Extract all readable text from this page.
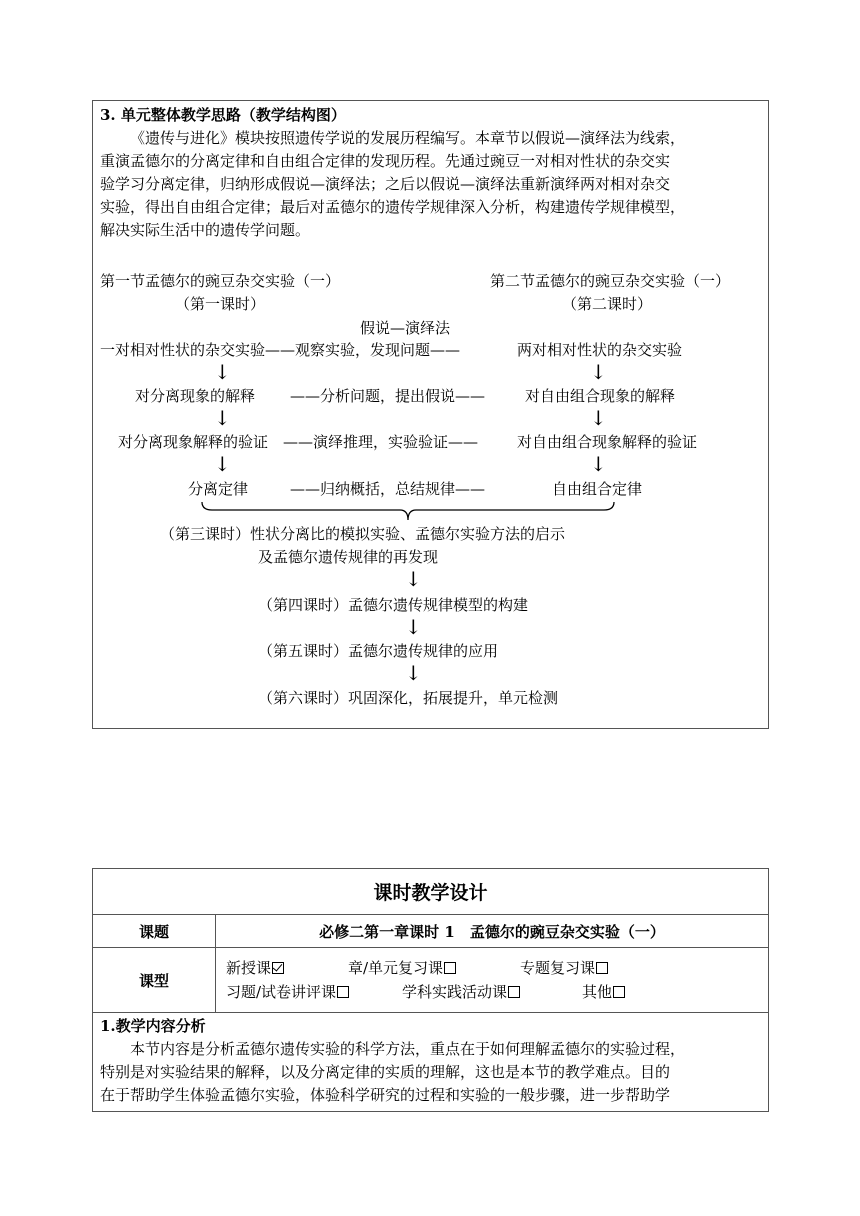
3. 单元整体教学思路（教学结构图）
《遗传与进化》模块按照遗传学说的发展历程编写。本章节以假说—演绎法为线索，
重演孟德尔的分离定律和自由组合定律的发现历程。先通过豌豆一对相对性状的杂交实
验学习分离定律，归纳形成假说—演绎法；之后以假说—演绎法重新演绎两对相对杂交
实验，得出自由组合定律；最后对孟德尔的遗传学规律深入分析，构建遗传学规律模型，
解决实际生活中的遗传学问题。
第一节孟德尔的豌豆杂交实验（一）
（第一课时）
第二节孟德尔的豌豆杂交实验（一）
（第二课时）
假说—演绎法
一对相对性状的杂交实验 ——观察实验，发现问题——	两对相对性状的杂交实验
↓	↓
对分离现象的解释 ——分析问题，提出假说——	对自由组合现象的解释
↓	↓
对分离现象解释的验证 ——演绎推理，实验验证——	对自由组合现象解释的验证
↓	↓
分离定律	——归纳概括，总结规律——	自由组合定律
（第三课时）性状分离比的模拟实验、孟德尔实验方法的启示
及孟德尔遗传规律的再发现
↓
（第四课时）孟德尔遗传规律模型的构建
↓
（第五课时）孟德尔遗传规律的应用
↓
（第六课时）巩固深化，拓展提升，单元检测
课时教学设计	
课题	必修二第一章课时 1　孟德尔的豌豆杂交实验（一）
课型	新授课 章/单元复习课 专题复习课
习题/试卷讲评课 学科实践活动课 其他

1.教学内容分析
本节内容是分析孟德尔遗传实验的科学方法，重点在于如何理解孟德尔的实验过程，
特别是对实验结果的解释，以及分离定律的实质的理解，这也是本节的教学难点。目的
在于帮助学生体验孟德尔实验，体验科学研究的过程和实验的一般步骤，进一步帮助学	
